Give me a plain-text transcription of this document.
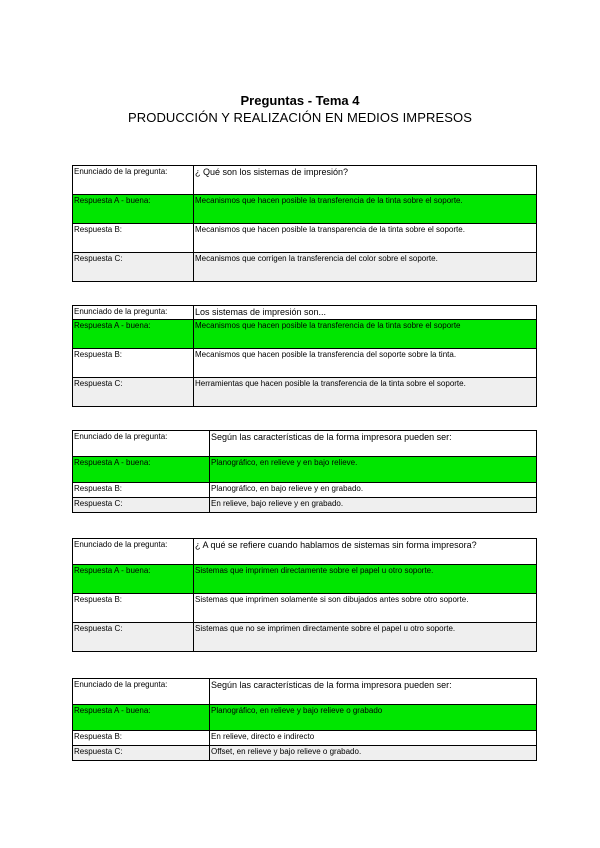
Preguntas - Tema 4
PRODUCCIÓN Y REALIZACIÓN EN MEDIOS IMPRESOS
Enunciado de la pregunta:	¿ Qué son los sistemas de impresión?
Respuesta A - buena:	Mecanismos que hacen posible la transferencia de la tinta sobre el soporte.
Respuesta B:	Mecanismos que hacen posible la transparencia de la tinta sobre el soporte.
Respuesta C:	Mecanismos que corrigen la transferencia del color sobre el soporte.
Enunciado de la pregunta:	Los sistemas de impresión son...
Respuesta A - buena:	Mecanismos que hacen posible la transferencia de la tinta sobre el soporte
Respuesta B:	Mecanismos que hacen posible la transferencia del soporte sobre la tinta.
Respuesta C:	Herramientas que hacen posible la transferencia de la tinta sobre el soporte.
Enunciado de la pregunta:	Según las características de la forma impresora pueden ser:
Respuesta A - buena:	Planográfico, en relieve y en bajo relieve.
Respuesta B:	Planográfico, en bajo relieve y en grabado.
Respuesta C:	En relieve, bajo relieve y en grabado.
Enunciado de la pregunta:	¿ A qué se refiere cuando hablamos de sistemas sin forma impresora?
Respuesta A - buena:	Sistemas que imprimen directamente sobre el papel u otro soporte.
Respuesta B:	Sistemas que imprimen solamente si son dibujados antes sobre otro soporte.
Respuesta C:	Sistemas que no se imprimen directamente sobre el papel u otro soporte.
Enunciado de la pregunta:	Según las características de la forma impresora pueden ser:
Respuesta A - buena:	Planográfico, en relieve y bajo relieve o grabado
Respuesta B:	En relieve, directo e indirecto
Respuesta C:	Offset, en relieve y bajo relieve o grabado.
